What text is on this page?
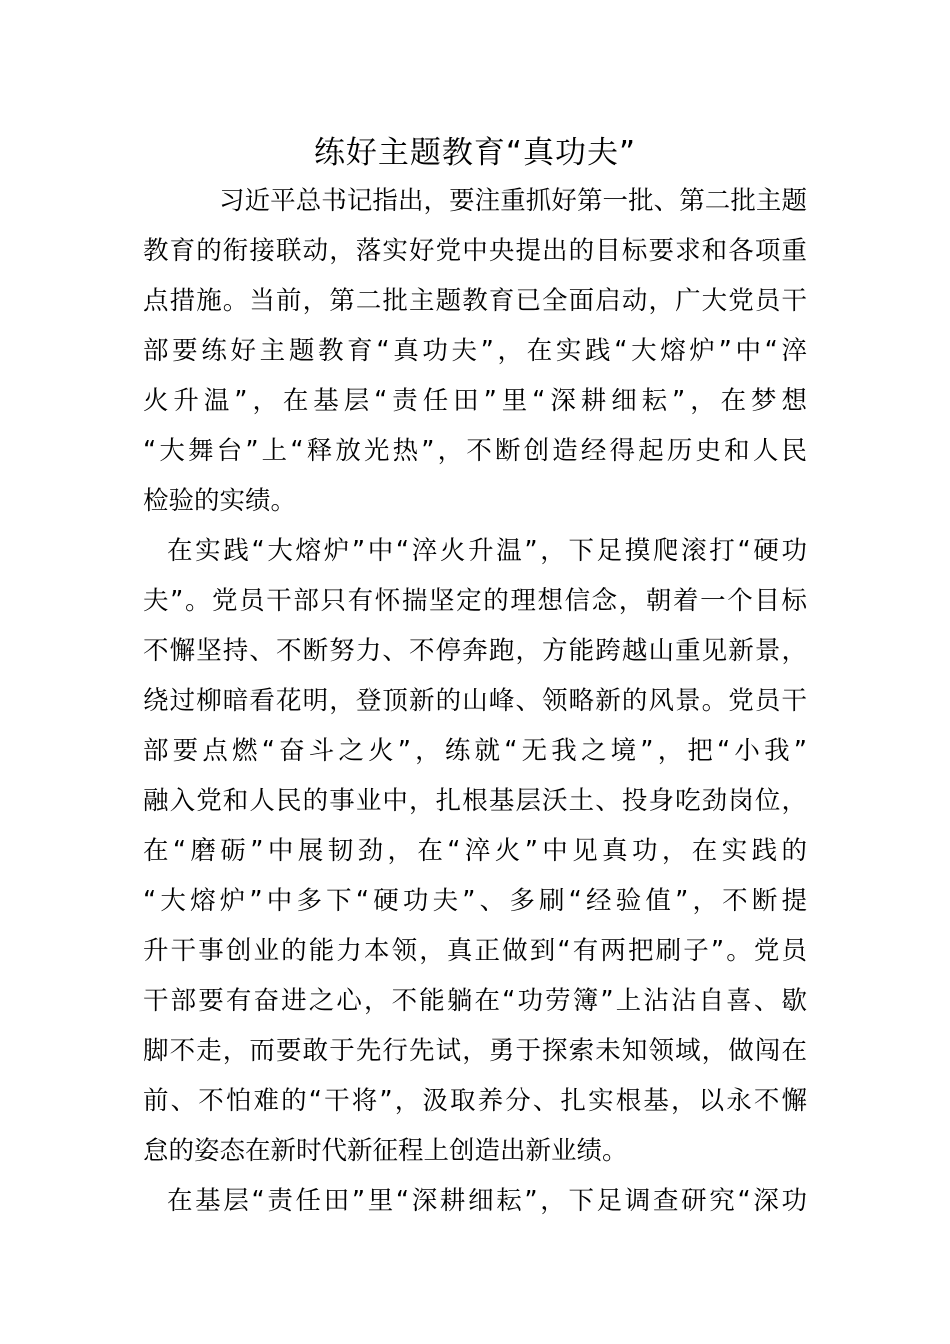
练好主题教育“真功夫”
习近平总书记指出，要注重抓好第一批、第二批主题
教育的衔接联动，落实好党中央提出的目标要求和各项重
点措施。当前，第二批主题教育已全面启动，广大党员干
部要练好主题教育“真功夫”，在实践“大熔炉”中“淬
火升温”，在基层“责任田”里“深耕细耘”，在梦想
“大舞台”上“释放光热”，不断创造经得起历史和人民
检验的实绩。
在实践“大熔炉”中“淬火升温”，下足摸爬滚打“硬功
夫”。党员干部只有怀揣坚定的理想信念，朝着一个目标
不懈坚持、不断努力、不停奔跑，方能跨越山重见新景，
绕过柳暗看花明，登顶新的山峰、领略新的风景。党员干
部要点燃“奋斗之火”，练就“无我之境”，把“小我”
融入党和人民的事业中，扎根基层沃土、投身吃劲岗位，
在“磨砺”中展韧劲，在“淬火”中见真功，在实践的
“大熔炉”中多下“硬功夫”、多刷“经验值”，不断提
升干事创业的能力本领，真正做到“有两把刷子”。党员
干部要有奋进之心，不能躺在“功劳簿”上沾沾自喜、歇
脚不走，而要敢于先行先试，勇于探索未知领域，做闯在
前、不怕难的“干将”，汲取养分、扎实根基，以永不懈
怠的姿态在新时代新征程上创造出新业绩。
在基层“责任田”里“深耕细耘”，下足调查研究“深功
